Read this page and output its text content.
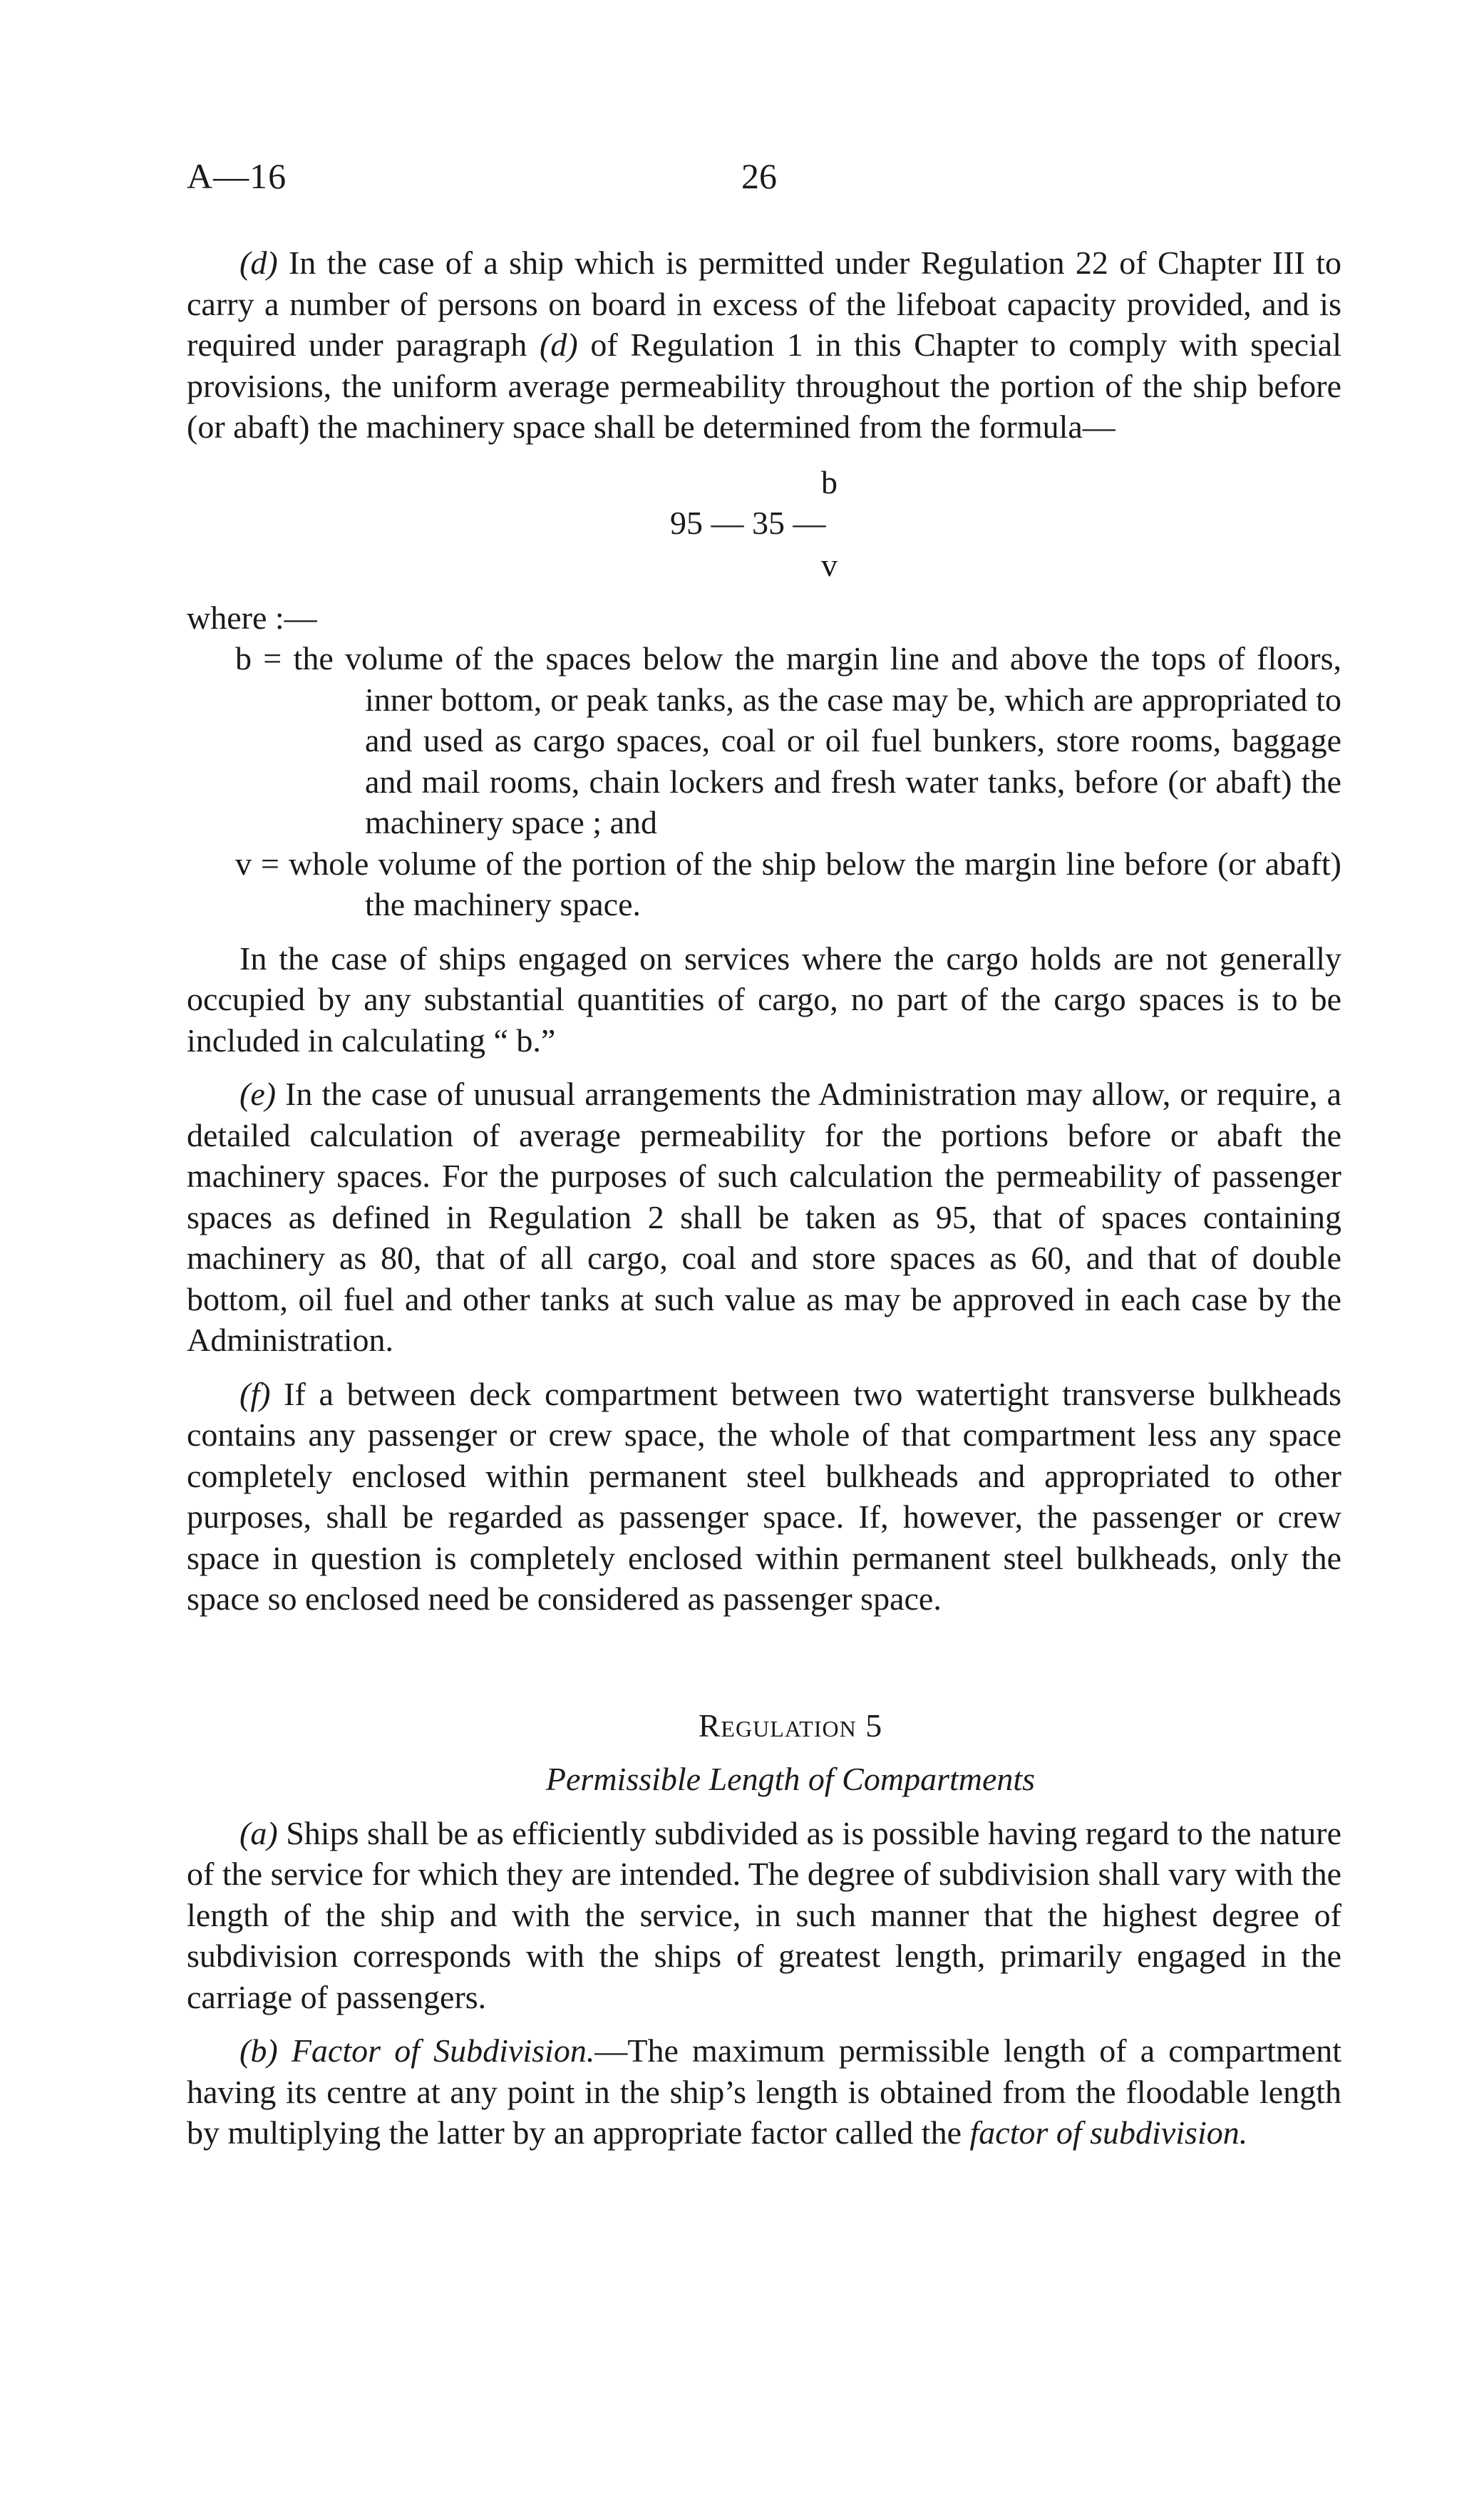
A—16	26

(d) In the case of a ship which is permitted under Regulation 22 of Chapter III to carry a number of persons on board in excess of the lifeboat capacity provided, and is required under paragraph (d) of Regulation 1 in this Chapter to comply with special provisions, the uniform average permeability throughout the portion of the ship before (or abaft) the machinery space shall be determined from the formula—

b
95 — 35 —
v

where :—

b = the volume of the spaces below the margin line and above the tops of floors, inner bottom, or peak tanks, as the case may be, which are appropriated to and used as cargo spaces, coal or oil fuel bunkers, store rooms, baggage and mail rooms, chain lockers and fresh water tanks, before (or abaft) the machinery space ; and

v = whole volume of the portion of the ship below the margin line before (or abaft) the machinery space.

In the case of ships engaged on services where the cargo holds are not generally occupied by any substantial quantities of cargo, no part of the cargo spaces is to be included in calculating “ b.”

(e) In the case of unusual arrangements the Administration may allow, or require, a detailed calculation of average permeability for the portions before or abaft the machinery spaces. For the purposes of such calculation the permeability of passenger spaces as defined in Regulation 2 shall be taken as 95, that of spaces containing machinery as 80, that of all cargo, coal and store spaces as 60, and that of double bottom, oil fuel and other tanks at such value as may be approved in each case by the Administration.

(f) If a between deck compartment between two watertight transverse bulkheads contains any passenger or crew space, the whole of that compartment less any space completely enclosed within permanent steel bulkheads and appropriated to other purposes, shall be regarded as passenger space. If, however, the passenger or crew space in question is completely enclosed within permanent steel bulkheads, only the space so enclosed need be considered as passenger space.

Regulation 5

Permissible Length of Compartments

(a) Ships shall be as efficiently subdivided as is possible having regard to the nature of the service for which they are intended. The degree of subdivision shall vary with the length of the ship and with the service, in such manner that the highest degree of subdivision corresponds with the ships of greatest length, primarily engaged in the carriage of passengers.

(b) Factor of Subdivision.—The maximum permissible length of a compartment having its centre at any point in the ship’s length is obtained from the floodable length by multiplying the latter by an appropriate factor called the factor of subdivision.
